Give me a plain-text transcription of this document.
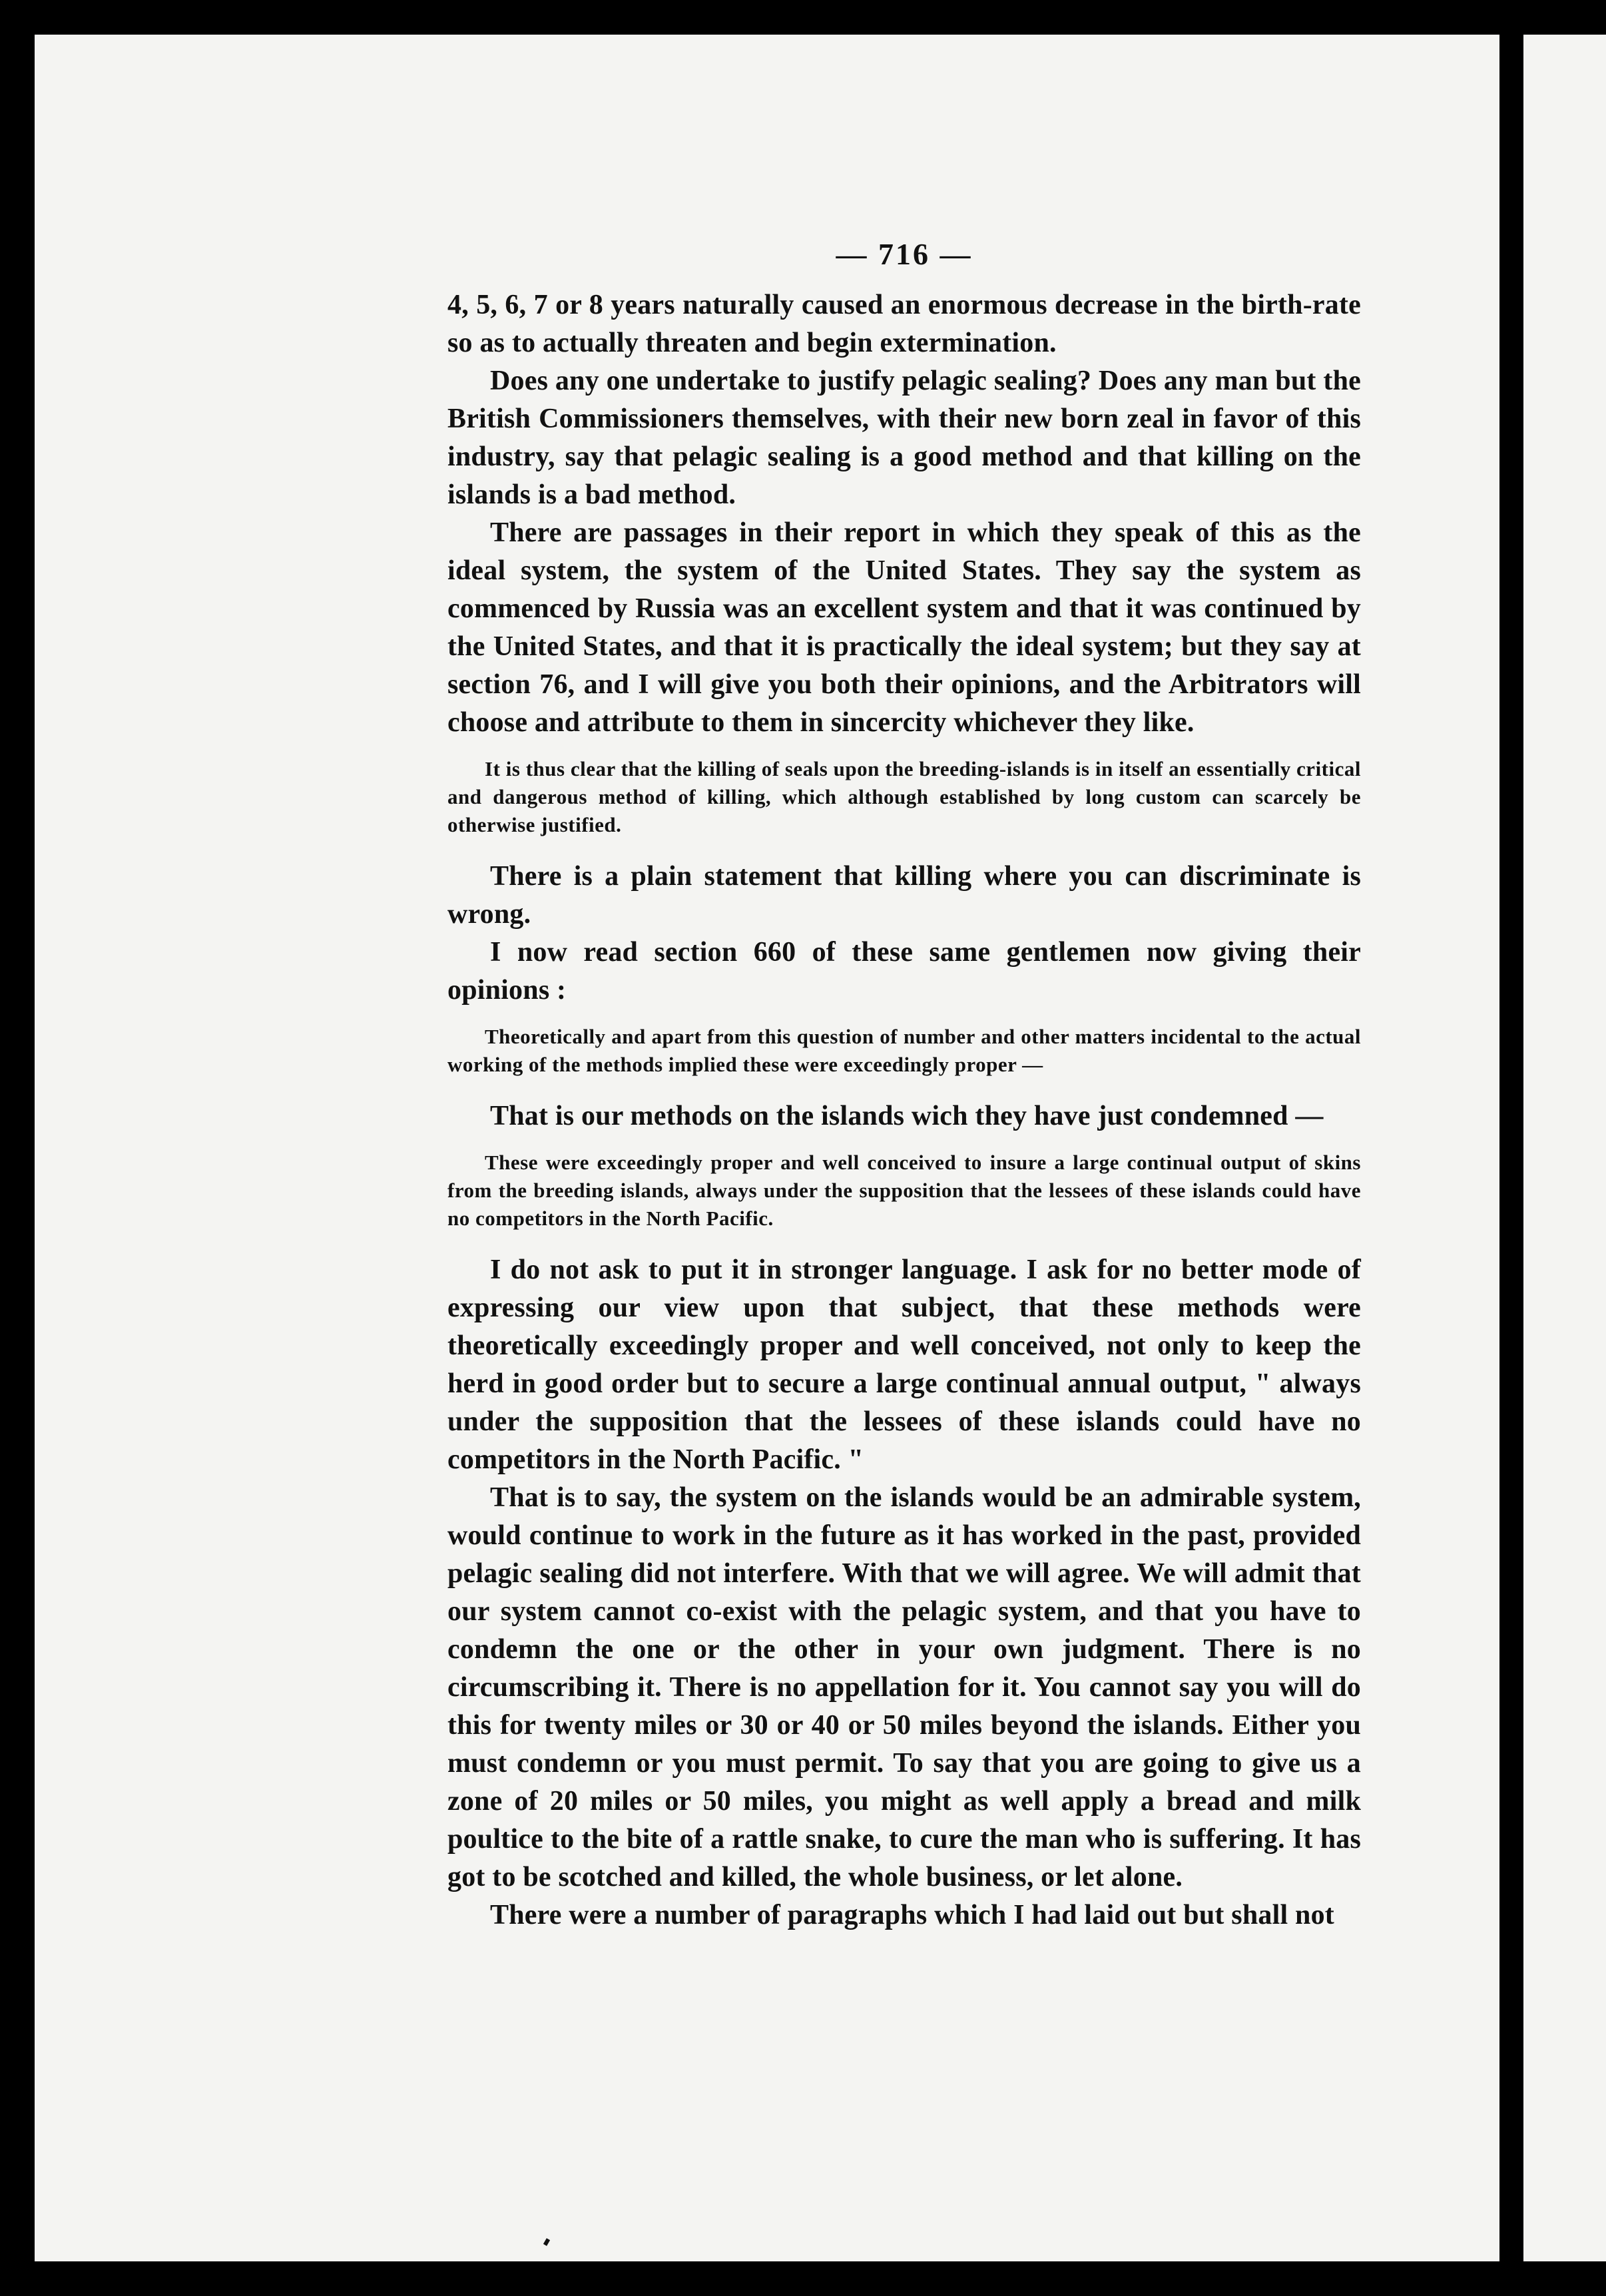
— 716 —

4, 5, 6, 7 or 8 years naturally caused an enormous decrease in the birth-rate so as to actually threaten and begin extermination.

Does any one undertake to justify pelagic sealing? Does any man but the British Commissioners themselves, with their new born zeal in favor of this industry, say that pelagic sealing is a good method and that killing on the islands is a bad method.

There are passages in their report in which they speak of this as the ideal system, the system of the United States. They say the system as commenced by Russia was an excellent system and that it was continued by the United States, and that it is practically the ideal system; but they say at section 76, and I will give you both their opinions, and the Arbitrators will choose and attribute to them in sincercity whichever they like.

It is thus clear that the killing of seals upon the breeding-islands is in itself an essentially critical and dangerous method of killing, which although established by long custom can scarcely be otherwise justified.

There is a plain statement that killing where you can discriminate is wrong.

I now read section 660 of these same gentlemen now giving their opinions :

Theoretically and apart from this question of number and other matters incidental to the actual working of the methods implied these were exceedingly proper —

That is our methods on the islands wich they have just condemned —

These were exceedingly proper and well conceived to insure a large continual output of skins from the breeding islands, always under the supposition that the lessees of these islands could have no competitors in the North Pacific.

I do not ask to put it in stronger language. I ask for no better mode of expressing our view upon that subject, that these methods were theoretically exceedingly proper and well conceived, not only to keep the herd in good order but to secure a large continual annual output, " always under the supposition that the lessees of these islands could have no competitors in the North Pacific. "

That is to say, the system on the islands would be an admirable system, would continue to work in the future as it has worked in the past, provided pelagic sealing did not interfere. With that we will agree. We will admit that our system cannot co-exist with the pelagic system, and that you have to condemn the one or the other in your own judgment. There is no circumscribing it. There is no appellation for it. You cannot say you will do this for twenty miles or 30 or 40 or 50 miles beyond the islands. Either you must condemn or you must permit. To say that you are going to give us a zone of 20 miles or 50 miles, you might as well apply a bread and milk poultice to the bite of a rattle snake, to cure the man who is suffering. It has got to be scotched and killed, the whole business, or let alone.

There were a number of paragraphs which I had laid out but shall not
